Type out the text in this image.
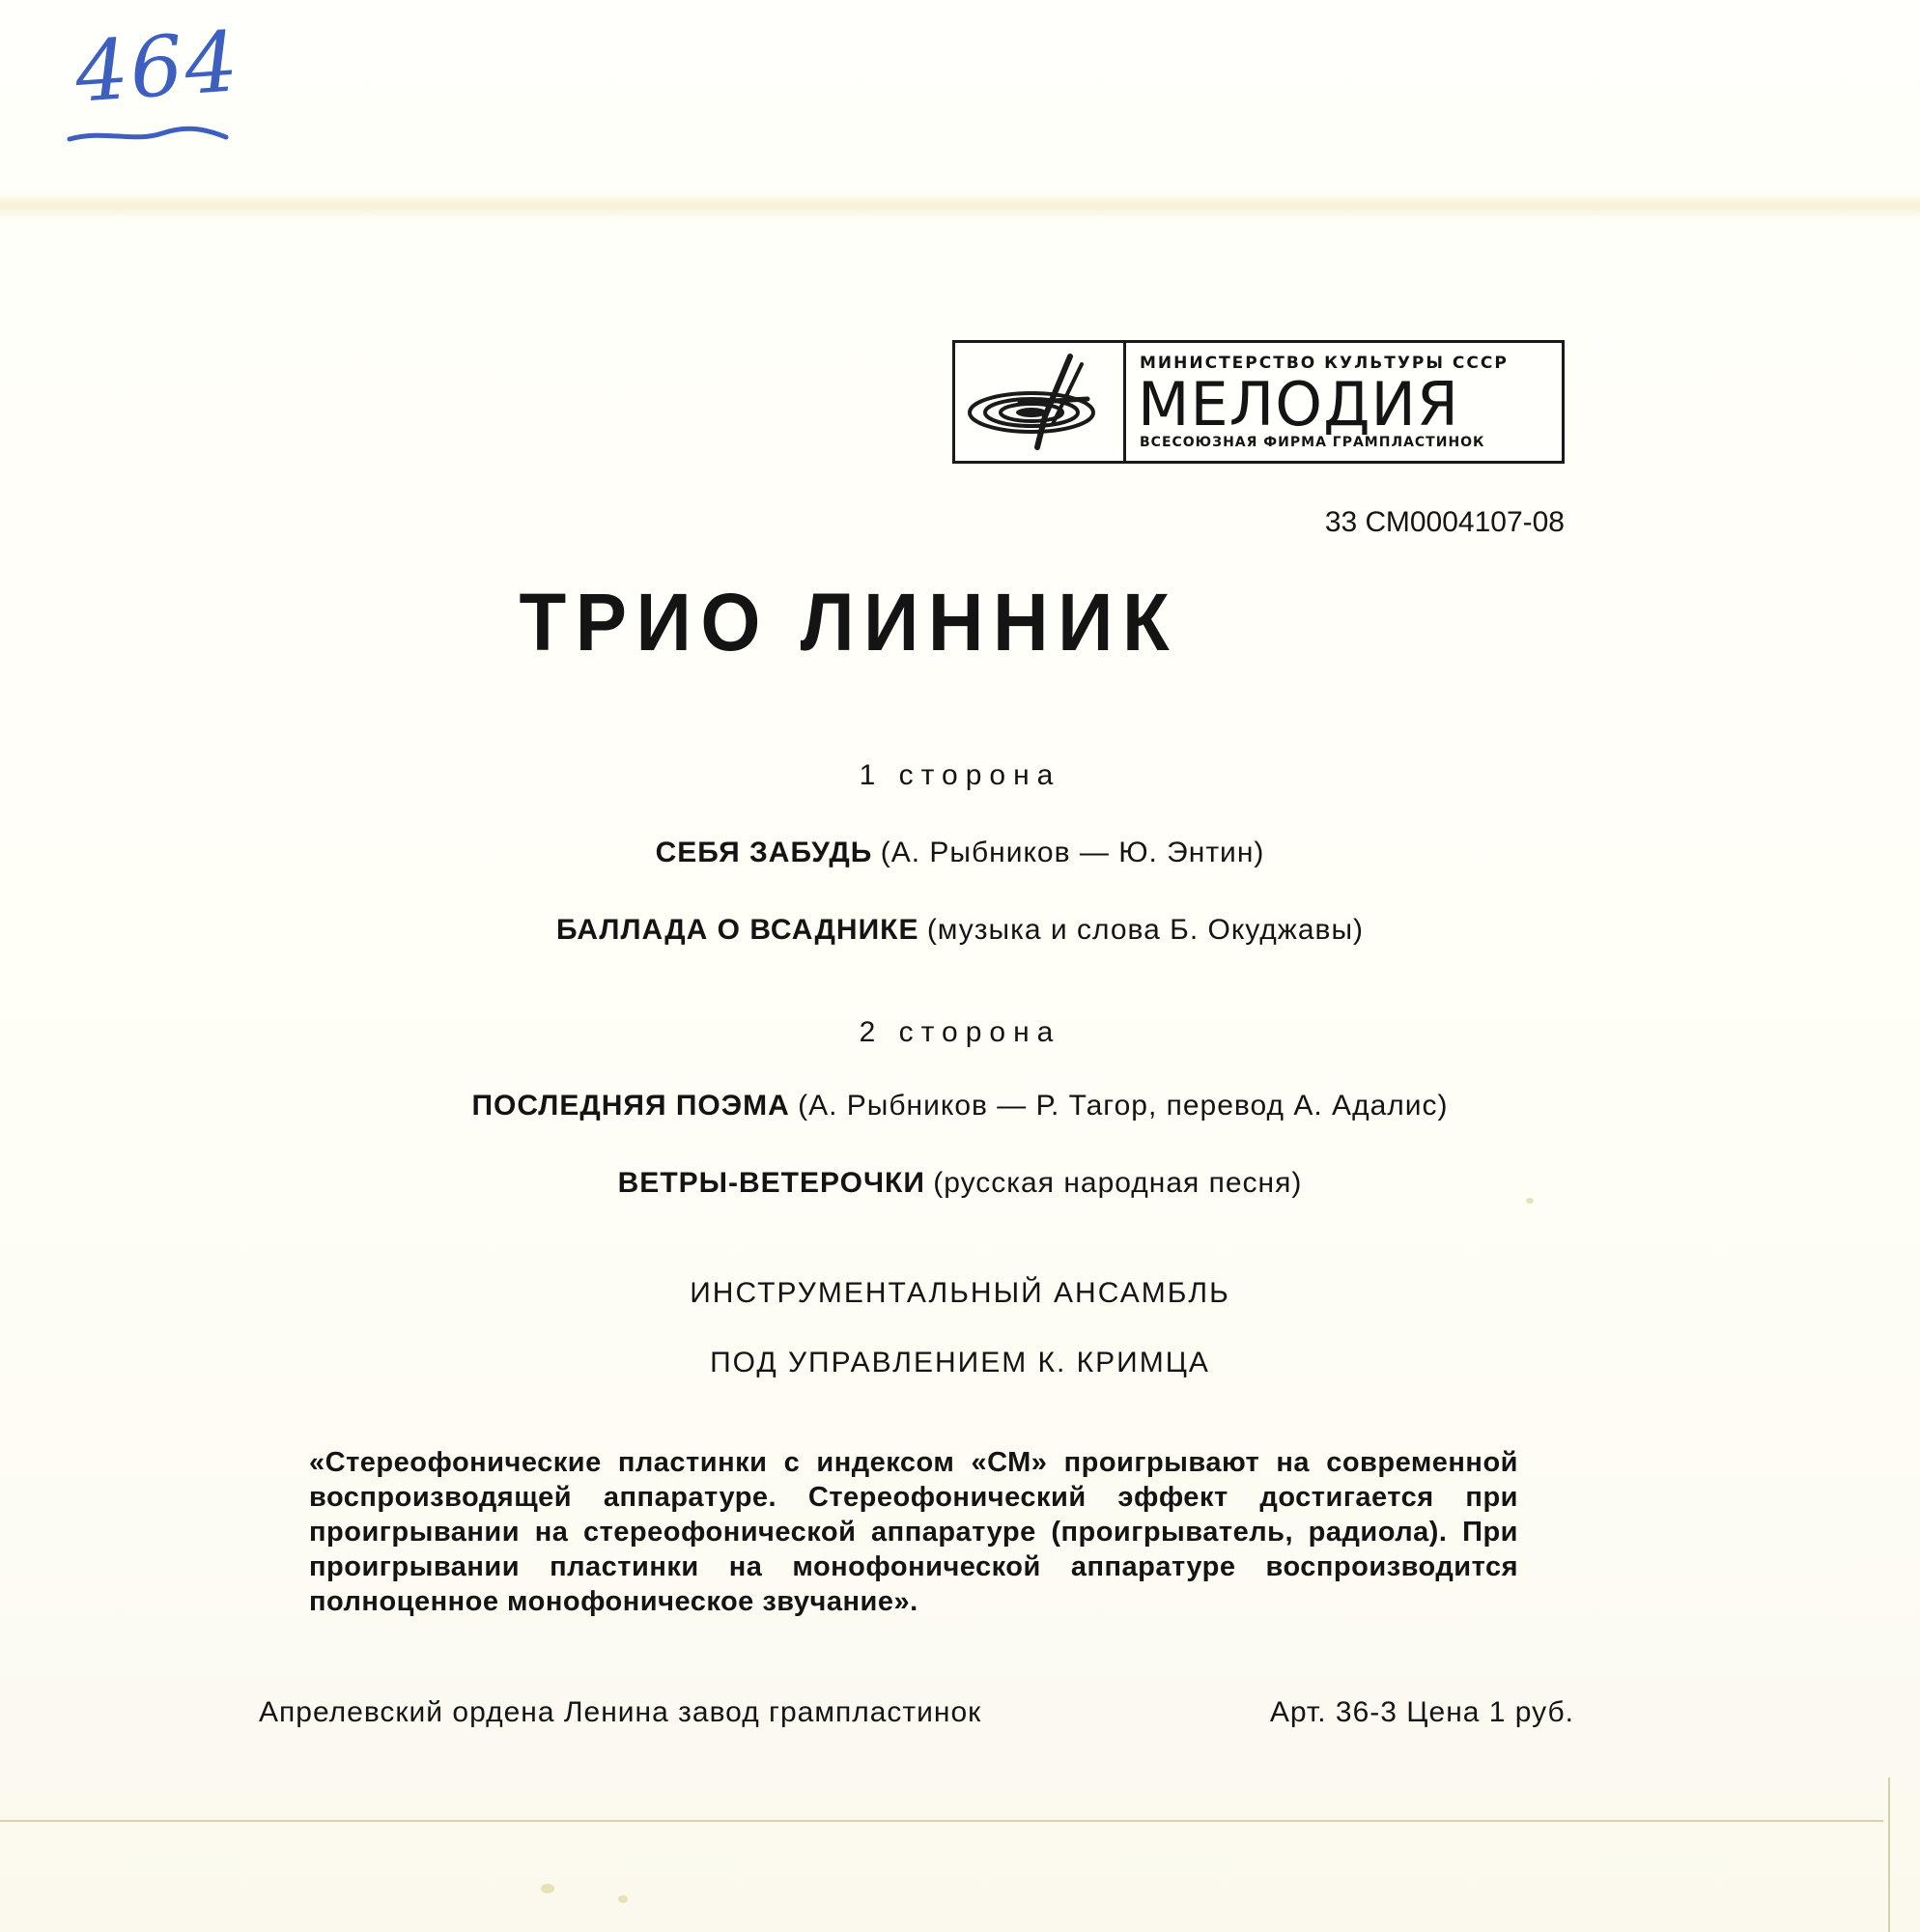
464
МИНИСТЕРСТВО КУЛЬТУРЫ СССР
МЕЛОДИЯ
ВСЕСОЮЗНАЯ ФИРМА ГРАМПЛАСТИНОК
33 СМ0004107-08
ТРИО ЛИННИК
1 сторона
СЕБЯ ЗАБУДЬ (А. Рыбников — Ю. Энтин)
БАЛЛАДА О ВСАДНИКЕ (музыка и слова Б. Окуджавы)
2 сторона
ПОСЛЕДНЯЯ ПОЭМА (А. Рыбников — Р. Тагор, перевод А. Адалис)
ВЕТРЫ-ВЕТЕРОЧКИ (русская народная песня)
ИНСТРУМЕНТАЛЬНЫЙ АНСАМБЛЬ
ПОД УПРАВЛЕНИЕМ К. КРИМЦА
«Стереофонические пластинки с индексом «СМ» проигрывают на современной воспроизводящей аппаратуре. Стереофонический эффект достигается при проигрывании на стереофонической аппаратуре (проигрыватель, радиола). При проигрывании пластинки на монофонической аппаратуре воспроизводится полноценное монофоническое звучание».
Апрелевский ордена Ленина завод грампластинок	Арт. 36-3 Цена 1 руб.
